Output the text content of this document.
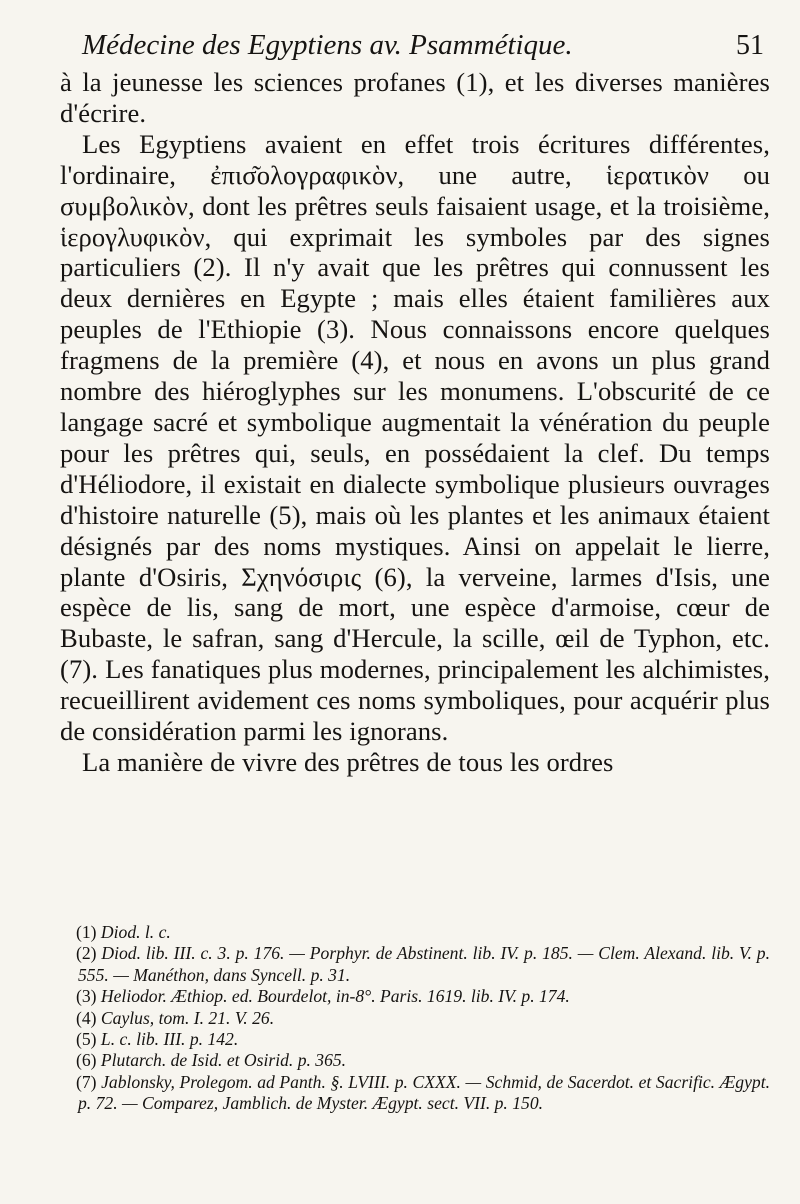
Médecine des Egyptiens av. Psammétique.	51

à la jeunesse les sciences profanes (1), et les diverses manières d'écrire.

Les Egyptiens avaient en effet trois écritures différentes, l'ordinaire, ἐπισ͂ολογραφικὸν, une autre, ἱερατικὸν ou συμβολικὸν, dont les prêtres seuls faisaient usage, et la troisième, ἱερογλυφικὸν, qui exprimait les symboles par des signes particuliers (2). Il n'y avait que les prêtres qui connussent les deux dernières en Egypte ; mais elles étaient familières aux peuples de l'Ethiopie (3). Nous connaissons encore quelques fragmens de la première (4), et nous en avons un plus grand nombre des hiéroglyphes sur les monumens. L'obscurité de ce langage sacré et symbolique augmentait la vénération du peuple pour les prêtres qui, seuls, en possédaient la clef. Du temps d'Héliodore, il existait en dialecte symbolique plusieurs ouvrages d'histoire naturelle (5), mais où les plantes et les animaux étaient désignés par des noms mystiques. Ainsi on appelait le lierre, plante d'Osiris, Σχηνόσιρις (6), la verveine, larmes d'Isis, une espèce de lis, sang de mort, une espèce d'armoise, cœur de Bubaste, le safran, sang d'Hercule, la scille, œil de Typhon, etc. (7). Les fanatiques plus modernes, principalement les alchimistes, recueillirent avidement ces noms symboliques, pour acquérir plus de considération parmi les ignorans.

La manière de vivre des prêtres de tous les ordres

(1) Diod. l. c.

(2) Diod. lib. III. c. 3. p. 176. — Porphyr. de Abstinent. lib. IV. p. 185. — Clem. Alexand. lib. V. p. 555. — Manéthon, dans Syncell. p. 31.

(3) Heliodor. Æthiop. ed. Bourdelot, in-8°. Paris. 1619. lib. IV. p. 174.

(4) Caylus, tom. I. 21. V. 26.

(5) L. c. lib. III. p. 142.

(6) Plutarch. de Isid. et Osirid. p. 365.

(7) Jablonsky, Prolegom. ad Panth. §. LVIII. p. CXXX. — Schmid, de Sacerdot. et Sacrific. Ægypt. p. 72. — Comparez, Jamblich. de Myster. Ægypt. sect. VII. p. 150.
